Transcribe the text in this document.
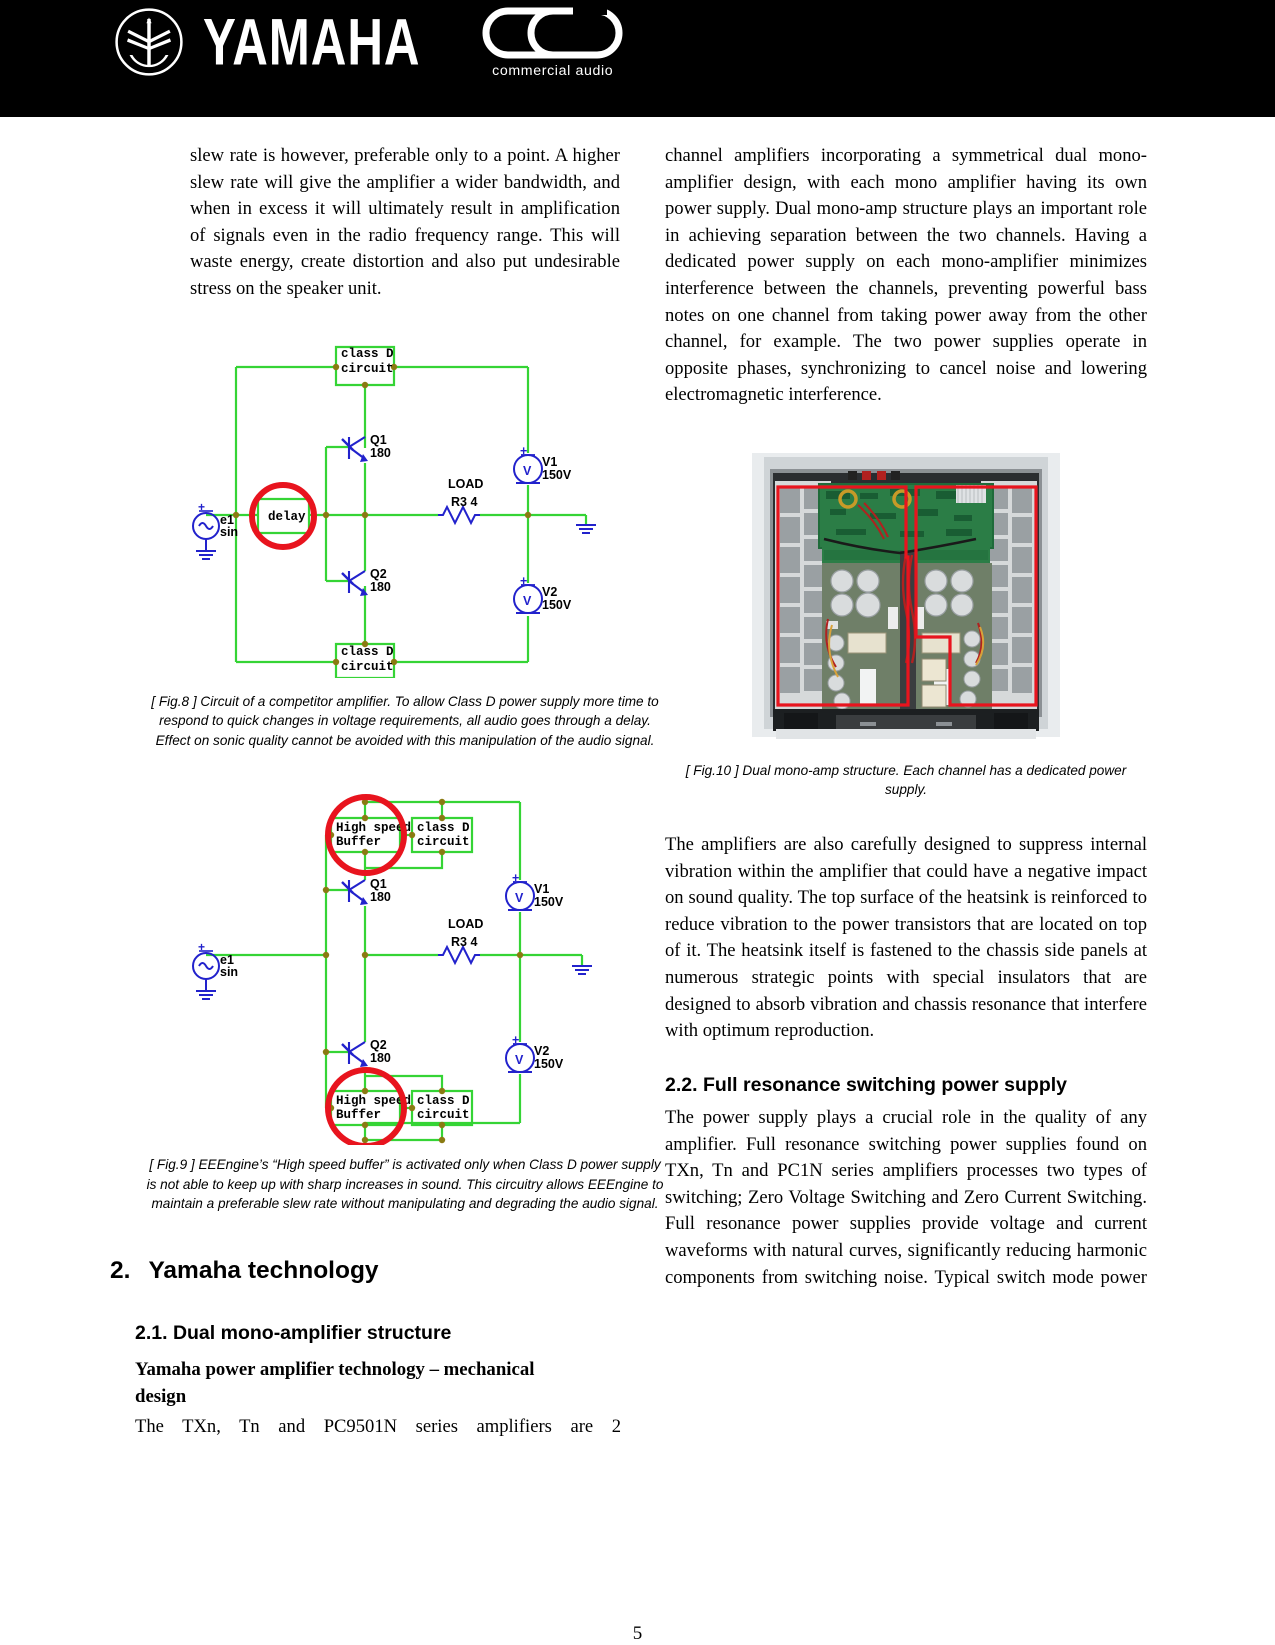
YAMAHA	commercial audio

slew rate is however, preferable only to a point. A higher slew rate will give the amplifier a wider bandwidth, and when in excess it will ultimately result in amplification of signals even in the radio frequency range. This will waste energy, create distortion and also put undesirable stress on the speaker unit.

V
V
+
+
+
class D
circuit
class D
circuit
delay
Q1
180
Q2
180
V1
150V
V2
150V
LOAD
R3 4
e1
sin
[ Fig.8 ] Circuit of a competitor amplifier. To allow Class D power supply more time to respond to quick changes in voltage requirements, all audio goes through a delay. Effect on sonic quality cannot be avoided with this manipulation of the audio signal.
V
V
+
+
+
High speed
Buffer
class D
circuit
High speed
Buffer
class D
circuit
Q1
180
Q2
180
V1
150V
V2
150V
LOAD
R3 4
e1
sin
[ Fig.9 ] EEEngine’s “High speed buffer” is activated only when Class D power supply is not able to keep up with sharp increases in sound. This circuitry allows EEEngine to maintain a preferable slew rate without manipulating and degrading the audio signal.
2. Yamaha technology
2.1. Dual mono-amplifier structure
Yamaha power amplifier technology – mechanical design

The TXn, Tn and PC9501N series amplifiers are 2

channel amplifiers incorporating a symmetrical dual mono-amplifier design, with each mono amplifier having its own power supply. Dual mono-amp structure plays an important role in achieving separation between the two channels. Having a dedicated power supply on each mono-amplifier minimizes interference between the channels, preventing powerful bass notes on one channel from taking power away from the other channel, for example. The two power supplies operate in opposite phases, synchronizing to cancel noise and lowering electromagnetic interference.

[ Fig.10 ] Dual mono-amp structure. Each channel has a dedicated power supply.

The amplifiers are also carefully designed to suppress internal vibration within the amplifier that could have a negative impact on sound quality. The top surface of the heatsink is reinforced to reduce vibration to the power transistors that are located on top of it. The heatsink itself is fastened to the chassis side panels at numerous strategic points with special insulators that are designed to absorb vibration and chassis resonance that interfere with optimum reproduction.

2.2. Full resonance switching power supply

The power supply plays a crucial role in the quality of any amplifier. Full resonance switching power supplies found on TXn, Tn and PC1N series amplifiers processes two types of switching; Zero Voltage Switching and Zero Current Switching. Full resonance power supplies provide voltage and current waveforms with natural curves, significantly reducing harmonic components from switching noise. Typical switch mode power

5
